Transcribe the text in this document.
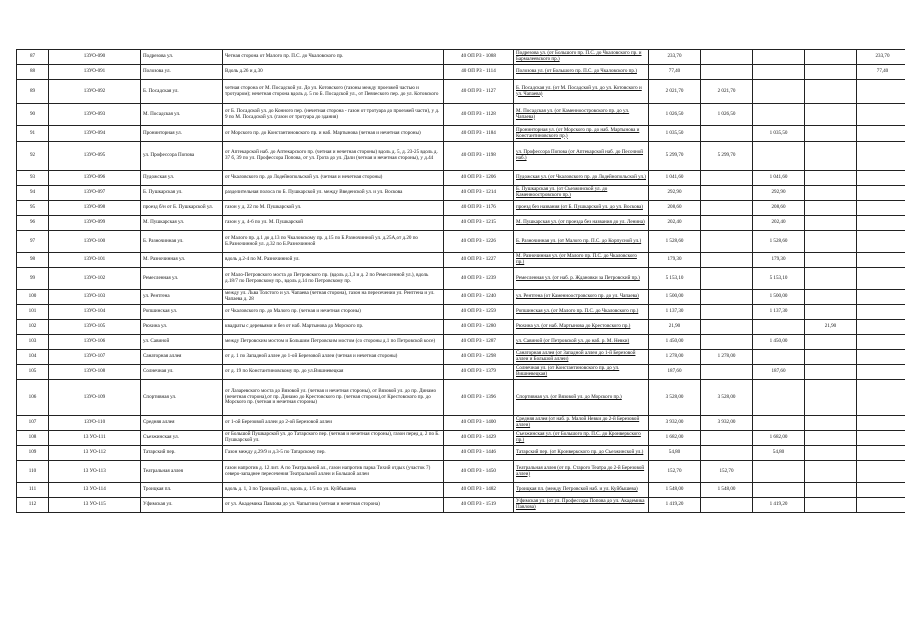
87	13УО-090	Подрезова ул.	Четная сторона от Малого пр. П.С. до Чкаловского пр.	40 ОП РЗ - 1088	Подрезова ул. (от Большого пр. П.С. до Чкаловского пр. и Бармалеевского пр.)	233,70				233,70	
88	13УО-091	Полозова ул.	Вдоль д.26 и д.30	40 ОП РЗ - 1114	Полозова ул. (от Большого пр. П.С. до Чкаловского пр.)	77,40				77,40	
89	13УО-092	Б. Посадская ул.	четная сторона от М. Посадской ул. До ул. Котовского (газоны между проезжей частью и тротуаром); нечетная сторона вдоль д. 5 по Б. Посадской ул., от Певческого пер. до ул. Котовского	40 ОП РЗ - 1127	Б. Посадская ул. (от М. Посадской ул. до ул. Котовского и ул. Чапаева)	2 021,70	2 021,70				
90	13УО-093	М. Посадская ул.	от Б. Посадской ул. до Конного пер. (нечетная сторона - газон от тротуара до проезжей части), у д. 9 по М. Посадской ул. (газон от тротуара до здания)	40 ОП РЗ - 1128	М. Посадская ул. (от Каменноостровского пр. до ул. Чапаева)	1 026,50	1 026,50				
91	13УО-094	Пронинторная ул.	от Морского пр. до Константиновского пр. и наб. Мартынова (четная и нечетная стороны)	40 ОП РЗ - 1184	Пронинторная ул. (от Морского пр. до наб. Мартынова и Константиновского пр.)	1 035,50		1 035,50			
92	13УО-095	ул. Профессора Попова	от Аптекарской наб. до Аптекарского пр. (четная и нечетная стороны) вдоль д. 5, д. 23-25 вдоль д. 37 б, 39 по ул. Профессора Попова, от ул. Грота до ул. Дали (четная и нечетная стороны), у д.44	40 ОП РЗ - 1198	ул. Профессора Попова (от Аптекарской наб. до Песочной наб.)	5 299,70	5 299,70				
93	13УО-096	Пудожская ул.	от Чкаловского пр. до Лодейнопольской ул. (четная и нечетная стороны)	40 ОП РЗ - 1206	Пудожская ул. (от Чкаловского пр. до Лодейнопольской ул.)	1 041,60		1 041,60			
94	13УО-097	Б. Пушкарская ул.	разделительная полоса по Б. Пушкарской ул. между Введенской ул. и ул. Воскова	40 ОП РЗ - 1214	Б. Пушкарская ул. (от Съезжинской ул. до Каменноостровского пр.)	292,90		292,90			
95	13УО-098	проезд б/н от Б. Пушкарской ул.	газон у д. 22 по М. Пушкарской ул.	40 ОП РЗ - 1176	проезд без названия (от Б. Пушкарской ул. до ул. Воскова)	208,60		208,60			
96	13УО-099	М. Пушкарская ул.	газон у д. 4-6 по ул. М. Пушкарской	40 ОП РЗ - 1215	М. Пушкарская ул. (от проезда без названия до ул. Ленина)	202,40		202,40			
97	13УО-100	Б. Разночинная ул.	от Малого пр. д.1 до д.13 по Чкаловскому пр. д.15 по Б.Разночинной ул. д.25А,от д.20 по Б.Разночинной ул. д.32 по Б.Разночинной	40 ОП РЗ - 1226	Б. Разночинная ул. (от Малого пр. П.С. до Корпусной ул.)	1 528,60		1 528,60			
98	13УО-101	М. Разночинная ул.	вдоль д.2-4 по М. Разночинной ул.	40 ОП РЗ - 1227	М. Разночинная ул. (от Малого пр. П.С. до Чкаловского пр.)	179,30		179,30			
99	13УО-102	Ремесленная ул.	от Мало-Петровского моста до Петровского пр. (вдоль д.1,3 и д. 2 по Ремесленной ул.), вдоль д.18/7 по Петровскому пр., вдоль д.14 по Петровскому пр.	40 ОП РЗ - 1239	Ремесленная ул. (от наб. р. Ждановки за Петровский пр.)	5 153,10		5 153,10			
100	13УО-103	ул. Рентгена	между ул. Льва Толстого и ул. Чапаева (четная сторона), газон на пересечении ул. Рентгена и ул. Чапаева д. 28	40 ОП РЗ - 1240	ул. Рентгена (от Каменноостровского пр. до ул. Чапаева)	1 500,00		1 500,00			
101	13УО-104	Ропшинская ул.	от Чкаловского пр. до Малого пр. (четная и нечетная стороны)	40 ОП РЗ - 1259	Ропшинская ул. (от Малого пр. П.С. до Чкаловского пр.)	1 137,30		1 137,30			
102	13УО-105	Рюхина ул.	квадраты с деревьями и без от наб. Мартынова до Морского пр.	40 ОП РЗ - 1280	Рюхина ул. (от наб. Мартынова до Крестовского пр.)	21,90			21,90		
103	13УО-106	ул. Савиной	между Петровским мостом и Большим Петровским мостом (со стороны д.1 по Петровской косе)	40 ОП РЗ - 1287	ул. Савиной (от Петровской ул. до наб. р. М. Невки)	1 450,00		1 450,00			
104	13УО-107	Санаторная аллея	от д. 1 по Западной аллее до 1-ой Березовой аллеи (четная и нечетная стороны)	40 ОП РЗ - 1298	Санаторная аллея (от Западной аллеи до 1-й Березовой аллеи и Большой аллеи)	1 278,00	1 278,00				
105	13УО-108	Солнечная ул.	от д. 19 по Константиновскому пр. до ул.Вишневецкая	40 ОП РЗ - 1379	Солнечная ул. (от Константиновского пр. до ул. Вишневецкая)	187,60		187,60			
106	13УО-109	Спортивная ул.	от Лазаревского моста до Вязовой ул. (четная и нечетная стороны), от Вязовой ул. до пр. Динамо (нечетная сторона),от пр. Динамо до Крестовского пр. (четная сторона),от Крестовского пр. до Морского пр. (четная и нечетная стороны)	40 ОП РЗ - 1396	Спортивная ул. (от Вязовой ул. до Морского пр.)	3 528,00	3 528,00				
107	13УО-110	Средняя аллея	от 1-ой Березовой аллеи до 2-ой Березовой аллеи	40 ОП РЗ - 1400	Средняя аллея (от наб. р. Малой Невки до 2-й Березовой аллеи)	3 932,00	3 932,00				
108	13 УО-111	Съезжинская ул.	от Большой Пушкарской ул. до Татарского пер. (четная и нечетная стороны), газон перед д. 2 по Б. Пушкарской ул.	40 ОП РЗ - 1429	Съезжинская ул. (от Большого пр. П.С. до Кронверкского пр.)	1 682,00		1 682,00			
109	13 УО-112	Татарский пер.	Газон между д.29/9 и д.3-5 по Татарскому пер.	40 ОП РЗ - 1446	Татарский пер. (от Кронверкского пр. до Съезжинской ул.)	54,80		54,80			
110	13 УО-113	Театральная аллея	газон напротив д. 12 лит. А по Театральной ал., газон напротив парка Тихий отдых (участок 7) северо-западнее пересечения Театральной аллеи и Большой аллеи	40 ОП РЗ - 1450	Театральная аллея (от пр. Старого Театра до 2-й Березовой аллеи)	152,70	152,70				
111	13 УО-114	Троицкая пл.	вдоль д. 1, 3 по Троицкой пл., вдоль д. 1/5 по ул. Куйбышева	40 ОП РЗ - 1482	Троицкая пл. (между Петровской наб. и ул. Куйбышева)	1 548,00	1 548,00				
112	13 УО-115	Уфимская ул.	от ул. Академика Павлова до ул. Чапыгина (четная и нечетная сторона)	40 ОП РЗ - 1519	Уфимская ул. (от ул. Профессора Попова до ул. Академика Павлова)	1 419,20		1 419,20			
